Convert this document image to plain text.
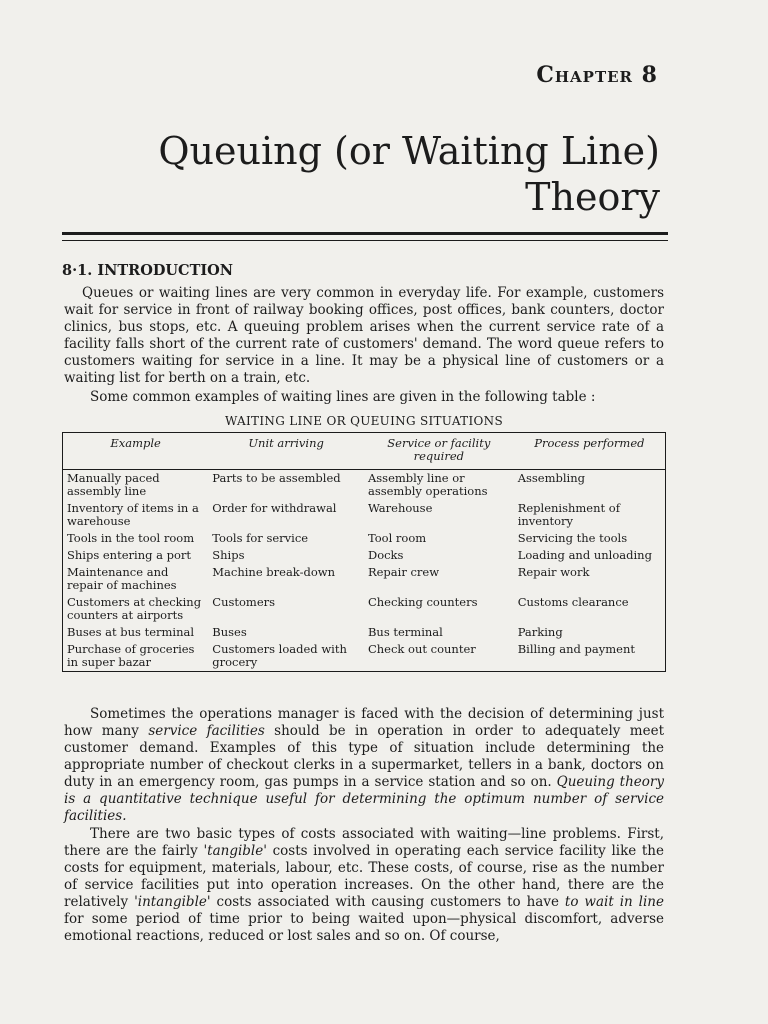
Chapter 8
Queuing (or Waiting Line)
Theory
8·1. INTRODUCTION
Queues or waiting lines are very common in everyday life. For example, customers wait for service in front of railway booking offices, post offices, bank counters, doctor clinics, bus stops, etc. A queuing problem arises when the current service rate of a facility falls short of the current rate of customers' demand. The word queue refers to customers waiting for service in a line. It may be a physical line of customers or a waiting list for berth on a train, etc.
Some common examples of waiting lines are given in the following table :
WAITING LINE OR QUEUING SITUATIONS
Example	Unit arriving	Service or facility required	Process performed
Manually paced assembly line	Parts to be assembled	Assembly line or assembly operations	Assembling
Inventory of items in a warehouse	Order for withdrawal	Warehouse	Replenishment of inventory
Tools in the tool room	Tools for service	Tool room	Servicing the tools
Ships entering a port	Ships	Docks	Loading and unloading
Maintenance and repair of machines	Machine break-down	Repair crew	Repair work
Customers at checking counters at airports	Customers	Checking counters	Customs clearance
Buses at bus terminal	Buses	Bus terminal	Parking
Purchase of groceries in super bazar	Customers loaded with grocery	Check out counter	Billing and payment
Sometimes the operations manager is faced with the decision of determining just how many service facilities should be in operation in order to adequately meet customer demand. Examples of this type of situation include determining the appropriate number of checkout clerks in a supermarket, tellers in a bank, doctors on duty in an emergency room, gas pumps in a service station and so on. Queuing theory is a quantitative technique useful for determining the optimum number of service facilities.
There are two basic types of costs associated with waiting—line problems. First, there are the fairly 'tangible' costs involved in operating each service facility like the costs for equipment, materials, labour, etc. These costs, of course, rise as the number of service facilities put into operation increases. On the other hand, there are the relatively 'intangible' costs associated with causing customers to have to wait in line for some period of time prior to being waited upon—physical discomfort, adverse emotional reactions, reduced or lost sales and so on. Of course,
